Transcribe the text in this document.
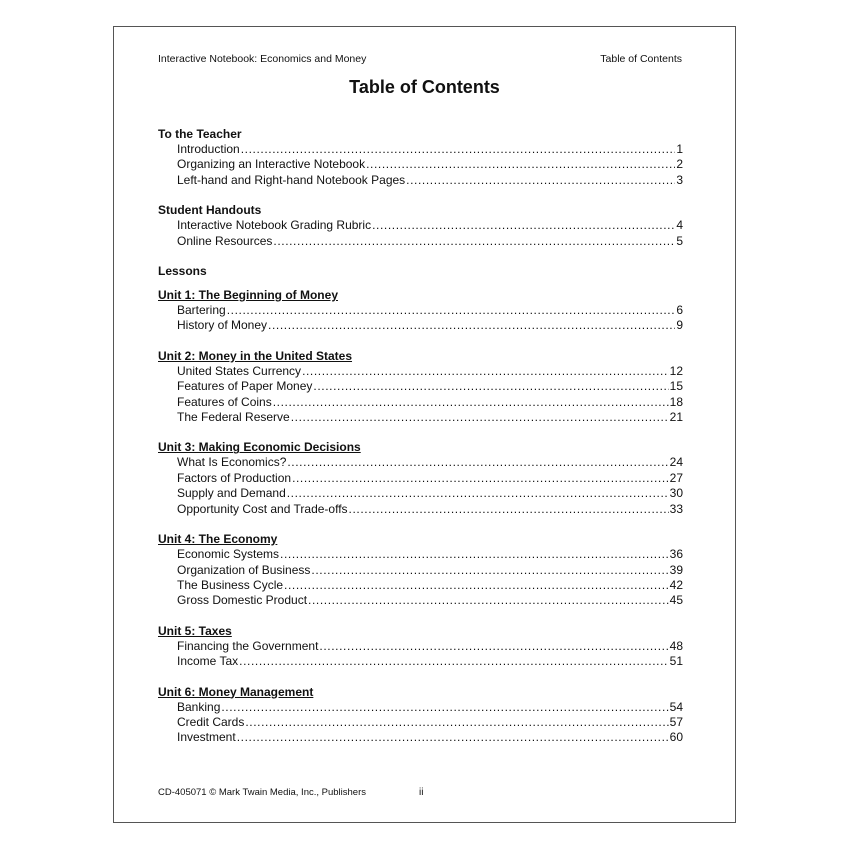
Interactive Notebook: Economics and Money	Table of Contents
Table of Contents
To the Teacher
Introduction .....	1
Organizing an Interactive Notebook .....	2
Left-hand and Right-hand Notebook Pages .....	3
Student Handouts
Interactive Notebook Grading Rubric .....	4
Online Resources .....	5
Lessons
Unit 1: The Beginning of Money
Bartering .....	6
History of Money .....	9
Unit 2: Money in the United States
United States Currency .....	12
Features of Paper Money .....	15
Features of Coins .....	18
The Federal Reserve .....	21
Unit 3: Making Economic Decisions
What Is Economics? .....	24
Factors of Production .....	27
Supply and Demand .....	30
Opportunity Cost and Trade-offs .....	33
Unit 4: The Economy
Economic Systems .....	36
Organization of Business .....	39
The Business Cycle .....	42
Gross Domestic Product .....	45
Unit 5: Taxes
Financing the Government .....	48
Income Tax .....	51
Unit 6: Money Management
Banking .....	54
Credit Cards .....	57
Investment .....	60
CD-405071 © Mark Twain Media, Inc., Publishers	ii
